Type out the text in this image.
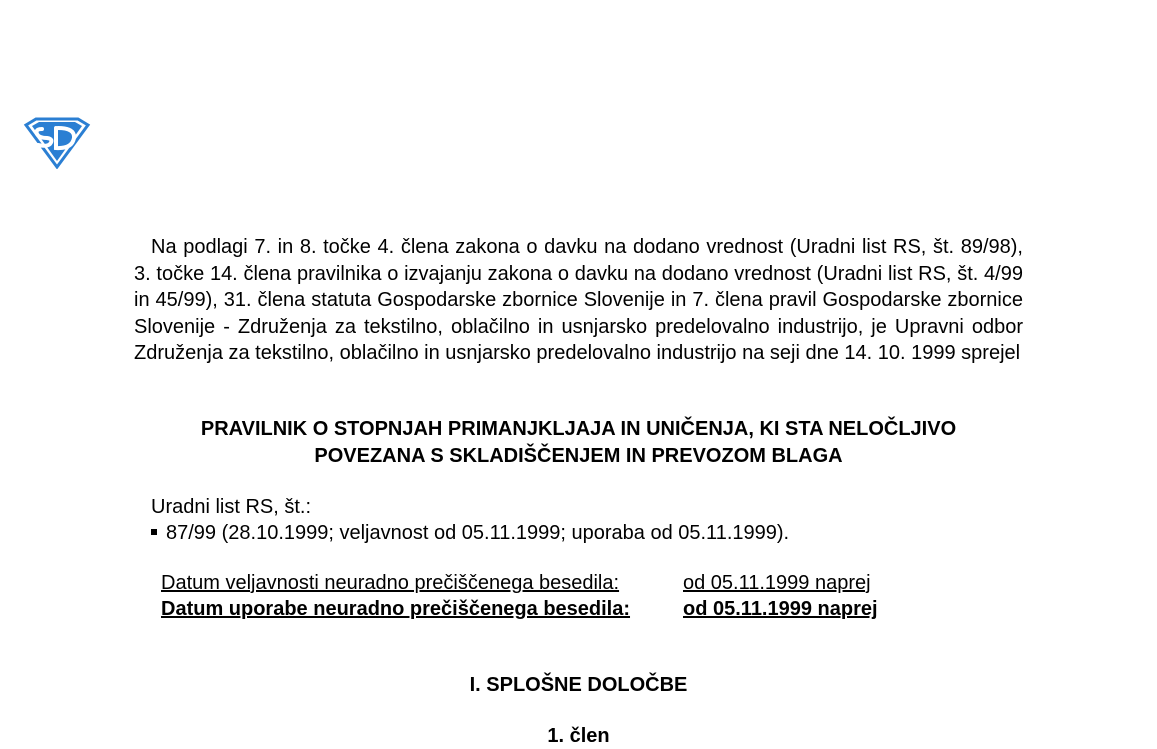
Na podlagi 7. in 8. točke 4. člena zakona o davku na dodano vrednost (Uradni list RS, št. 89/98), 3. točke 14. člena pravilnika o izvajanju zakona o davku na dodano vrednost (Uradni list RS, št. 4/99 in 45/99), 31. člena statuta Gospodarske zbornice Slovenije in 7. člena pravil Gospodarske zbornice Slovenije - Združenja za tekstilno, oblačilno in usnjarsko predelovalno industrijo, je Upravni odbor Združenja za tekstilno, oblačilno in usnjarsko predelovalno industrijo na seji dne 14. 10. 1999 sprejel

PRAVILNIK O STOPNJAH PRIMANJKLJAJA IN UNIČENJA, KI STA NELOČLJIVO
POVEZANA S SKLADIŠČENJEM IN PREVOZOM BLAGA
Uradni list RS, št.:
87/99 (28.10.1999; veljavnost od 05.11.1999; uporaba od 05.11.1999).
Datum veljavnosti neuradno prečiščenega besedila:	od 05.11.1999 naprej
Datum uporabe neuradno prečiščenega besedila:	od 05.11.1999 naprej
I. SPLOŠNE DOLOČBE
1. člen
